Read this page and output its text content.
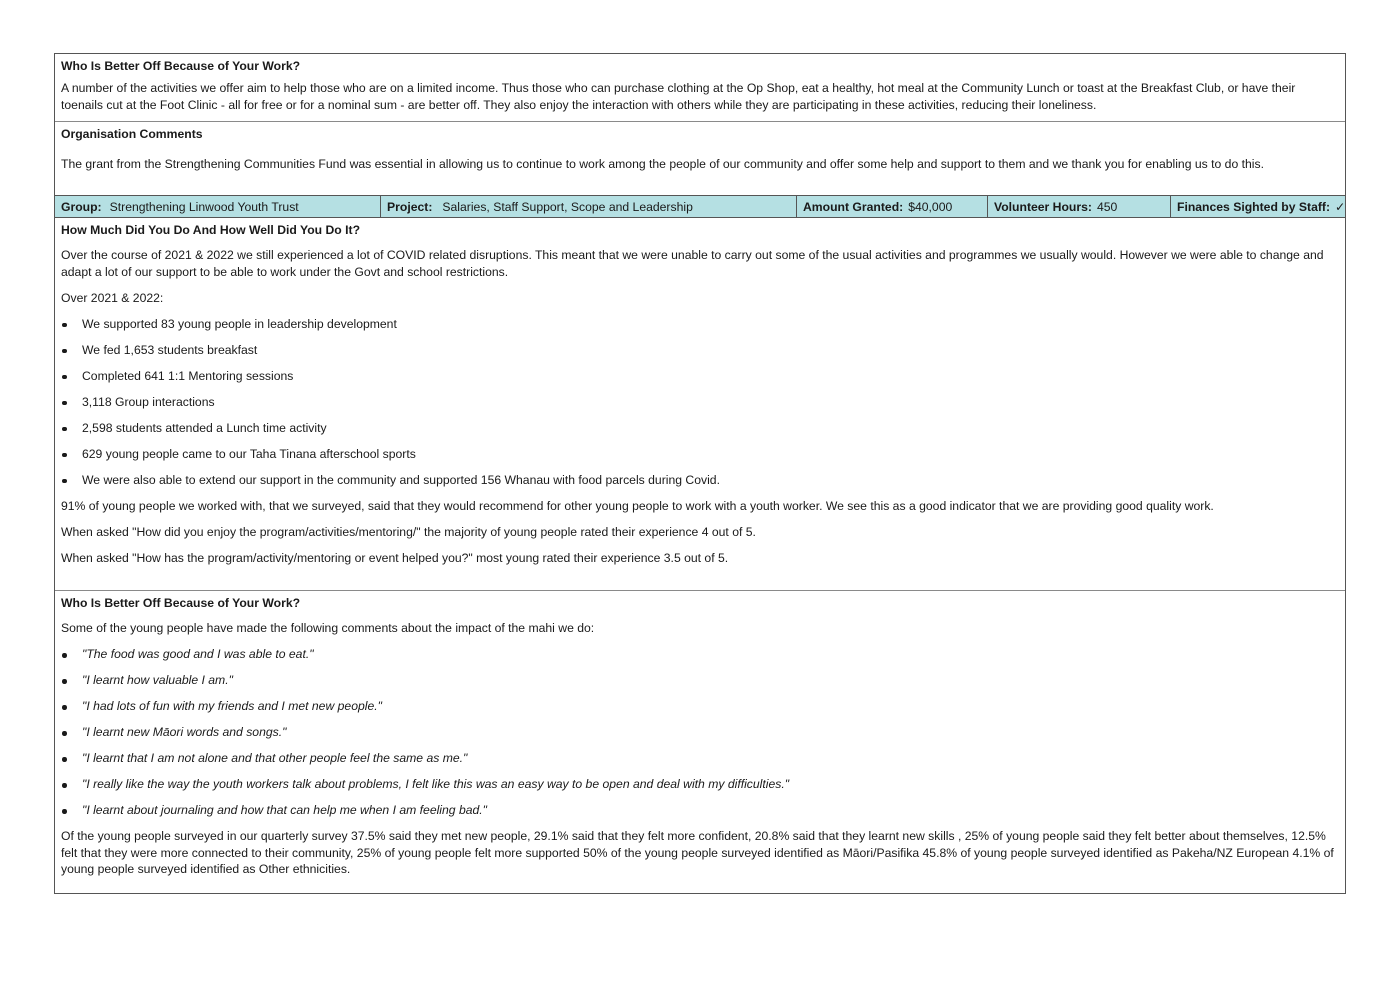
Who Is Better Off Because of Your Work?
A number of the activities we offer aim to help those who are on a limited income. Thus those who can purchase clothing at the Op Shop, eat a healthy, hot meal at the Community Lunch or toast at the Breakfast Club, or have their toenails cut at the Foot Clinic - all for free or for a nominal sum - are better off. They also enjoy the interaction with others while they are participating in these activities, reducing their loneliness.
Organisation Comments
The grant from the Strengthening Communities Fund was essential in allowing us to continue to work among the people of our community and offer some help and support to them and we thank you for enabling us to do this.
Group: Strengthening Linwood Youth Trust	Project: Salaries, Staff Support, Scope and Leadership	Amount Granted: $40,000	Volunteer Hours: 450	Finances Sighted by Staff: ✓
How Much Did You Do And How Well Did You Do It?
Over the course of 2021 & 2022 we still experienced a lot of COVID related disruptions. This meant that we were unable to carry out some of the usual activities and programmes we usually would. However we were able to change and adapt a lot of our support to be able to work under the Govt and school restrictions.
Over 2021 & 2022:
We supported 83 young people in leadership development
We fed 1,653 students breakfast
Completed 641 1:1 Mentoring sessions
3,118 Group interactions
2,598 students attended a Lunch time activity
629 young people came to our Taha Tinana afterschool sports
We were also able to extend our support in the community and supported 156 Whanau with food parcels during Covid.
91% of young people we worked with, that we surveyed, said that they would recommend for other young people to work with a youth worker. We see this as a good indicator that we are providing good quality work.
When asked "How did you enjoy the program/activities/mentoring/" the majority of young people rated their experience 4 out of 5.
When asked "How has the program/activity/mentoring or event helped you?" most young rated their experience 3.5 out of 5.
Who Is Better Off Because of Your Work?
Some of the young people have made the following comments about the impact of the mahi we do:
"The food was good and I was able to eat."
"I learnt how valuable I am."
"I had lots of fun with my friends and I met new people."
"I learnt new Māori words and songs."
"I learnt that I am not alone and that other people feel the same as me."
"I really like the way the youth workers talk about problems, I felt like this was an easy way to be open and deal with my difficulties."
"I learnt about journaling and how that can help me when I am feeling bad."
Of the young people surveyed in our quarterly survey 37.5% said they met new people, 29.1% said that they felt more confident, 20.8% said that they learnt new skills , 25% of young people said they felt better about themselves, 12.5% felt that they were more connected to their community, 25% of young people felt more supported 50% of the young people surveyed identified as Māori/Pasifika 45.8% of young people surveyed identified as Pakeha/NZ European 4.1% of young people surveyed identified as Other ethnicities.
